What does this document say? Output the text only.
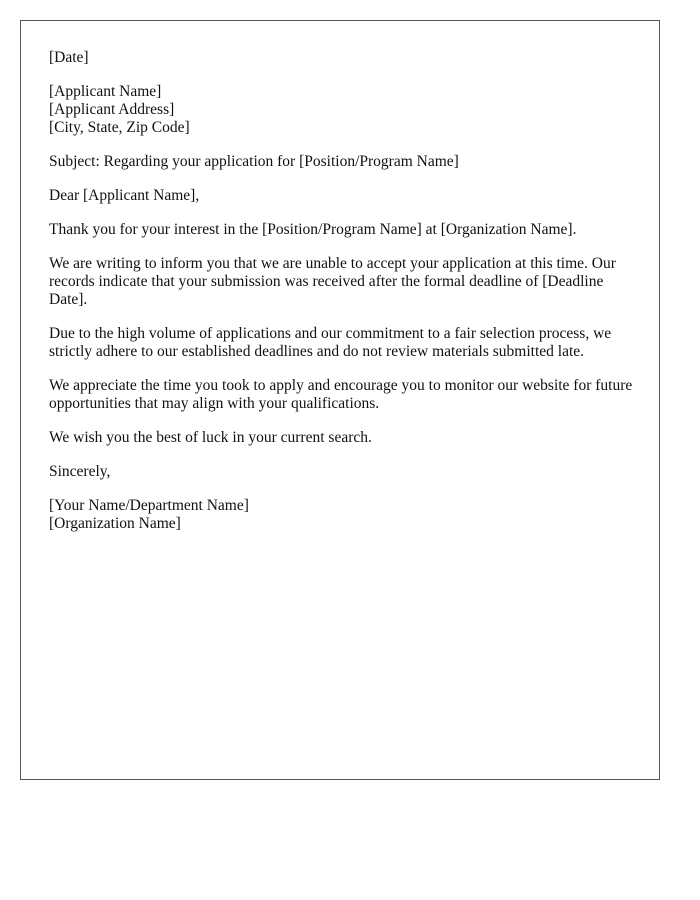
[Date]

[Applicant Name]
[Applicant Address]
[City, State, Zip Code]

Subject: Regarding your application for [Position/Program Name]

Dear [Applicant Name],

Thank you for your interest in the [Position/Program Name] at [Organization Name].

We are writing to inform you that we are unable to accept your application at this time. Our records indicate that your submission was received after the formal deadline of [Deadline Date].

Due to the high volume of applications and our commitment to a fair selection process, we strictly adhere to our established deadlines and do not review materials submitted late.

We appreciate the time you took to apply and encourage you to monitor our website for future opportunities that may align with your qualifications.

We wish you the best of luck in your current search.

Sincerely,

[Your Name/Department Name]
[Organization Name]
